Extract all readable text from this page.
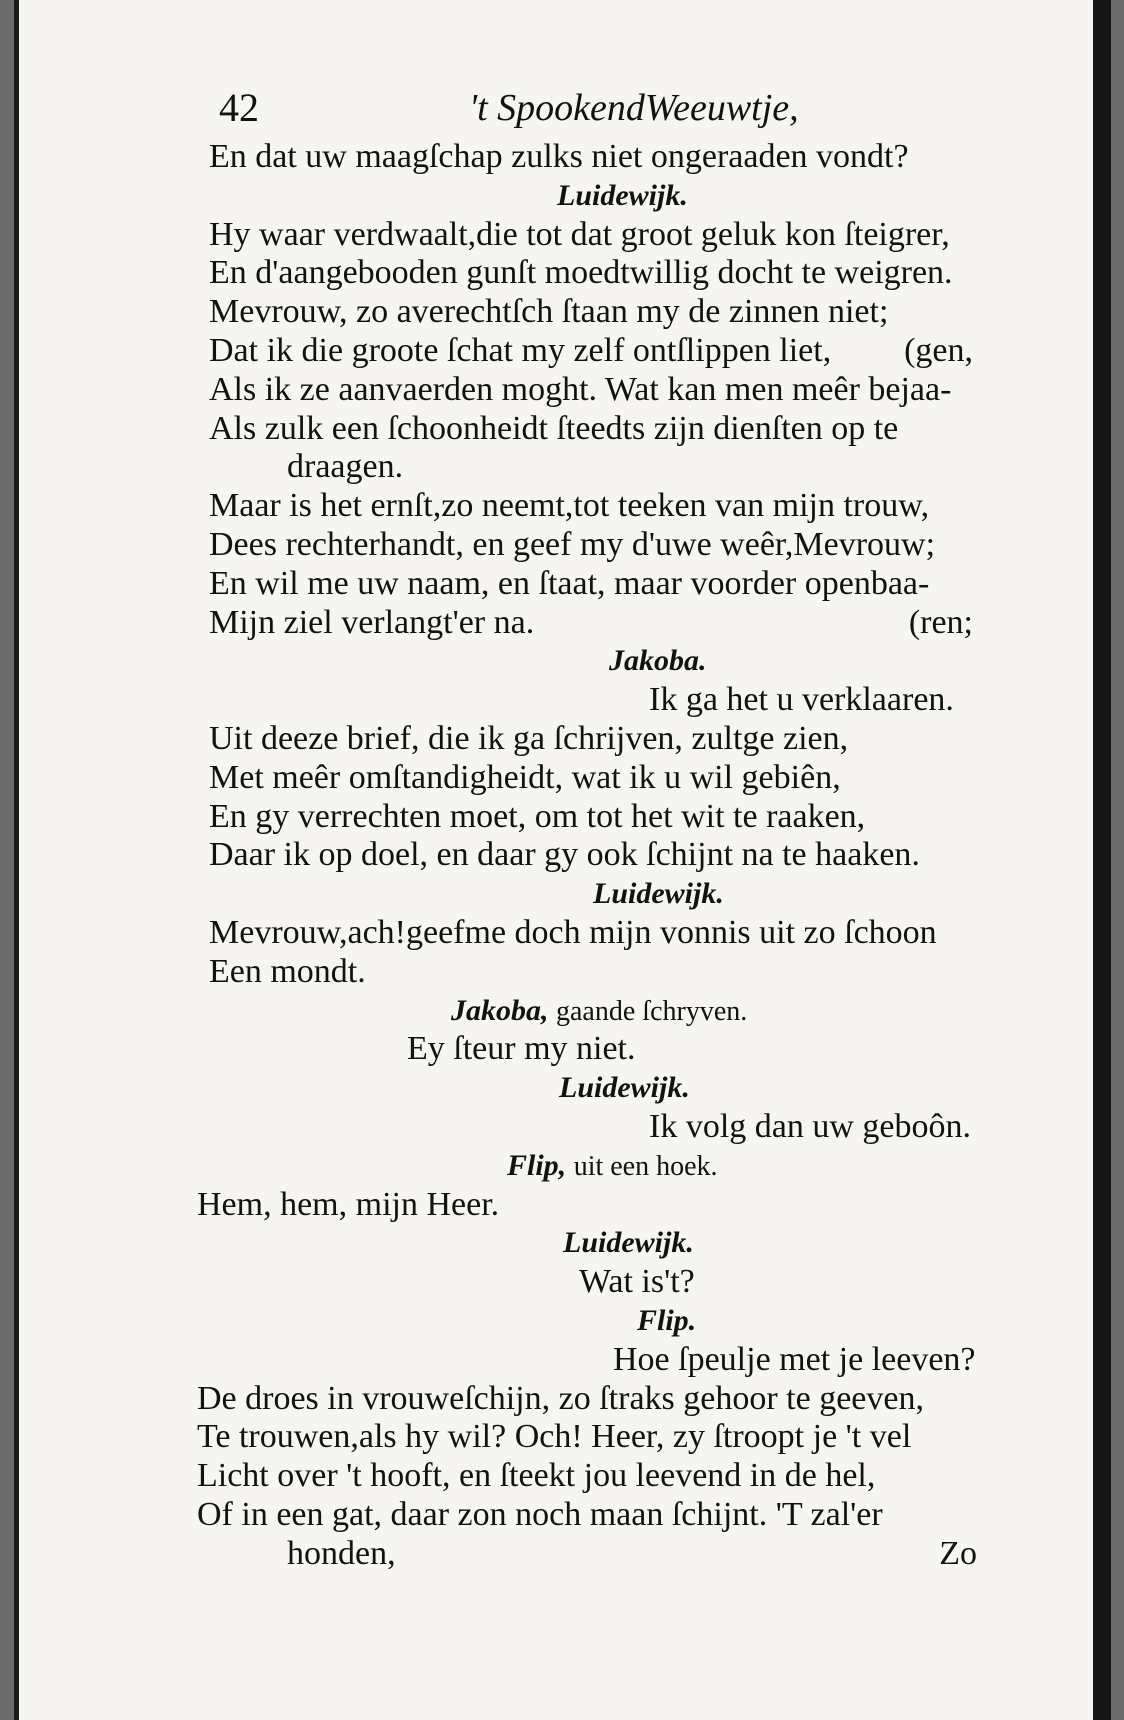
42	't SpookendWeeuwtje,
En dat uw maagſchap zulks niet ongeraaden vondt?
Luidewijk.
Hy waar verdwaalt,die tot dat groot geluk kon ſteigrer,
En d'aangebooden gunſt moedtwillig docht te weigren.
Mevrouw, zo averechtſch ſtaan my de zinnen niet;
Dat ik die groote ſchat my zelf ontſlippen liet, (gen,
Als ik ze aanvaerden moght. Wat kan men meêr bejaa-
Als zulk een ſchoonheidt ſteedts zijn dienſten op te
draagen.
Maar is het ernſt,zo neemt,tot teeken van mijn trouw,
Dees rechterhandt, en geef my d'uwe weêr,Mevrouw;
En wil me uw naam, en ſtaat, maar voorder openbaa-
Mijn ziel verlangt'er na.	(ren;
Jakoba.
Ik ga het u verklaaren.
Uit deeze brief, die ik ga ſchrijven, zultge zien,
Met meêr omſtandigheidt, wat ik u wil gebiên,
En gy verrechten moet, om tot het wit te raaken,
Daar ik op doel, en daar gy ook ſchijnt na te haaken.
Luidewijk.
Mevrouw,ach!geefme doch mijn vonnis uit zo ſchoon
Een mondt.
Jakoba, gaande ſchryven.
Ey ſteur my niet.
Luidewijk.
Ik volg dan uw geboôn.
Flip, uit een hoek.
Hem, hem, mijn Heer.
Luidewijk.
Wat is't?
Flip.
Hoe ſpeulje met je leeven?
De droes in vrouweſchijn, zo ſtraks gehoor te geeven,
Te trouwen,als hy wil? Och! Heer, zy ſtroopt je 't vel
Licht over 't hooft, en ſteekt jou leevend in de hel,
Of in een gat, daar zon noch maan ſchijnt. 'T zal'er
honden,	Zo
